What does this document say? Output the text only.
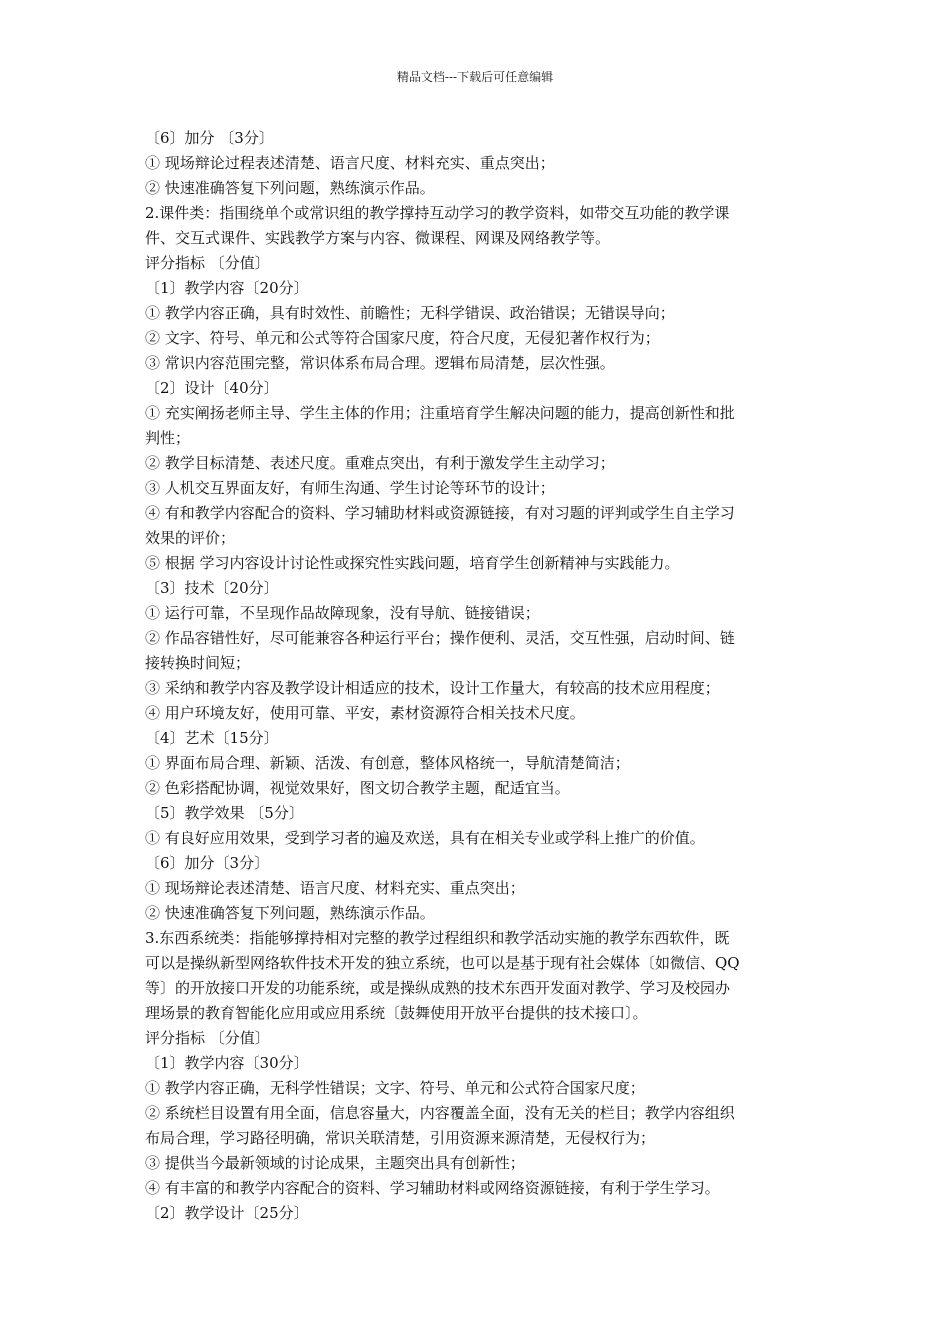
精品文档---下载后可任意编辑

〔6〕加分 〔3分〕

① 现场辩论过程表述清楚、语言尺度、材料充实、重点突出；

② 快速准确答复下列问题，熟练演示作品。

2.课件类：指围绕单个或常识组的教学撑持互动学习的教学资料，如带交互功能的教学课

件、交互式课件、实践教学方案与内容、微课程、网课及网络教学等。

评分指标 〔分值〕

〔1〕教学内容〔20分〕

① 教学内容正确，具有时效性、前瞻性；无科学错误、政治错误；无错误导向；

② 文字、符号、单元和公式等符合国家尺度，符合尺度，无侵犯著作权行为；

③ 常识内容范围完整，常识体系布局合理。逻辑布局清楚，层次性强。

〔2〕设计〔40分〕

① 充实阐扬老师主导、学生主体的作用；注重培育学生解决问题的能力，提高创新性和批

判性；

② 教学目标清楚、表述尺度。重难点突出，有利于激发学生主动学习；

③ 人机交互界面友好，有师生沟通、学生讨论等环节的设计；

④ 有和教学内容配合的资料、学习辅助材料或资源链接，有对习题的评判或学生自主学习

效果的评价；

⑤ 根据 学习内容设计讨论性或探究性实践问题，培育学生创新精神与实践能力。

〔3〕技术〔20分〕

① 运行可靠，不呈现作品故障现象，没有导航、链接错误；

② 作品容错性好，尽可能兼容各种运行平台；操作便利、灵活，交互性强，启动时间、链

接转换时间短；

③ 采纳和教学内容及教学设计相适应的技术，设计工作量大，有较高的技术应用程度；

④ 用户环境友好，使用可靠、平安，素材资源符合相关技术尺度。

〔4〕艺术〔15分〕

① 界面布局合理、新颖、活泼、有创意，整体风格统一，导航清楚简洁；

② 色彩搭配协调，视觉效果好，图文切合教学主题，配适宜当。

〔5〕教学效果 〔5分〕

① 有良好应用效果，受到学习者的遍及欢送，具有在相关专业或学科上推广的价值。

〔6〕加分〔3分〕

① 现场辩论表述清楚、语言尺度、材料充实、重点突出；

② 快速准确答复下列问题，熟练演示作品。

3.东西系统类：指能够撑持相对完整的教学过程组织和教学活动实施的教学东西软件，既

可以是操纵新型网络软件技术开发的独立系统，也可以是基于现有社会媒体〔如微信、QQ

等〕的开放接口开发的功能系统，或是操纵成熟的技术东西开发面对教学、学习及校园办

理场景的教育智能化应用或应用系统〔鼓舞使用开放平台提供的技术接口〕。

评分指标 〔分值〕

〔1〕教学内容〔30分〕

① 教学内容正确，无科学性错误；文字、符号、单元和公式符合国家尺度；

② 系统栏目设置有用全面，信息容量大，内容覆盖全面，没有无关的栏目；教学内容组织

布局合理，学习路径明确，常识关联清楚，引用资源来源清楚，无侵权行为；

③ 提供当今最新领域的讨论成果，主题突出具有创新性；

④ 有丰富的和教学内容配合的资料、学习辅助材料或网络资源链接，有利于学生学习。

〔2〕教学设计〔25分〕
